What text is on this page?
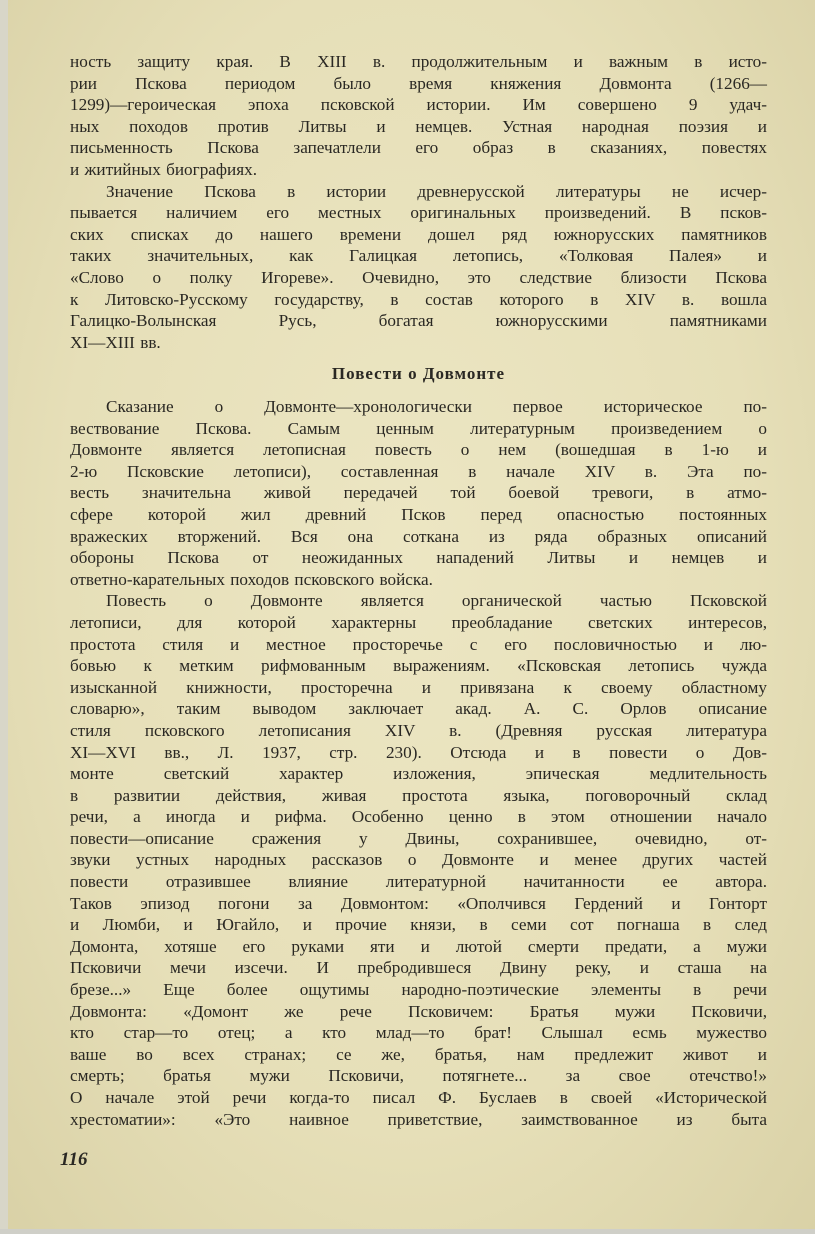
ность защиту края. В XIII в. продолжительным и важным в исто-
рии Пскова периодом было время княжения Довмонта (1266—
1299)—героическая эпоха псковской истории. Им совершено 9 удач-
ных походов против Литвы и немцев. Устная народная поэзия и
письменность Пскова запечатлели его образ в сказаниях, повестях
и житийных биографиях.
Значение Пскова в истории древнерусской литературы не исчер-
пывается наличием его местных оригинальных произведений. В псков-
ских списках до нашего времени дошел ряд южнорусских памятников
таких значительных, как Галицкая летопись, «Толковая Палея» и
«Слово о полку Игореве». Очевидно, это следствие близости Пскова
к Литовско-Русскому государству, в состав которого в XIV в. вошла
Галицко-Волынская Русь, богатая южнорусскими памятниками
XI—XIII вв.
Повести о Довмонте
Сказание о Довмонте—хронологически первое историческое по-
вествование Пскова. Самым ценным литературным произведением о
Довмонте является летописная повесть о нем (вошедшая в 1-ю и
2-ю Псковские летописи), составленная в начале XIV в. Эта по-
весть значительна живой передачей той боевой тревоги, в атмо-
сфере которой жил древний Псков перед опасностью постоянных
вражеских вторжений. Вся она соткана из ряда образных описаний
обороны Пскова от неожиданных нападений Литвы и немцев и
ответно-карательных походов псковского войска.
Повесть о Довмонте является органической частью Псковской
летописи, для которой характерны преобладание светских интересов,
простота стиля и местное просторечье с его пословичностью и лю-
бовью к метким рифмованным выражениям. «Псковская летопись чужда
изысканной книжности, просторечна и привязана к своему областному
словарю», таким выводом заключает акад. А. С. Орлов описание
стиля псковского летописания XIV в. (Древняя русская литература
XI—XVI вв., Л. 1937, стр. 230). Отсюда и в повести о Дов-
монте светский характер изложения, эпическая медлительность
в развитии действия, живая простота языка, поговорочный склад
речи, а иногда и рифма. Особенно ценно в этом отношении начало
повести—описание сражения у Двины, сохранившее, очевидно, от-
звуки устных народных рассказов о Довмонте и менее других частей
повести отразившее влияние литературной начитанности ее автора.
Таков эпизод погони за Довмонтом: «Ополчився Гердений и Гонторт
и Люмби, и Югайло, и прочие князи, в семи сот погнаша в след
Домонта, хотяше его руками яти и лютой смерти предати, а мужи
Псковичи мечи изсечи. И пребродившеся Двину реку, и сташа на
брезе...» Еще более ощутимы народно-поэтические элементы в речи
Довмонта: «Домонт же рече Псковичем: Братья мужи Псковичи,
кто стар—то отец; а кто млад—то брат! Слышал есмь мужество
ваше во всех странах; се же, братья, нам предлежит живот и
смерть; братья мужи Псковичи, потягнете... за свое отечство!»
О начале этой речи когда-то писал Ф. Буслаев в своей «Исторической
хрестоматии»: «Это наивное приветствие, заимствованное из быта
116
